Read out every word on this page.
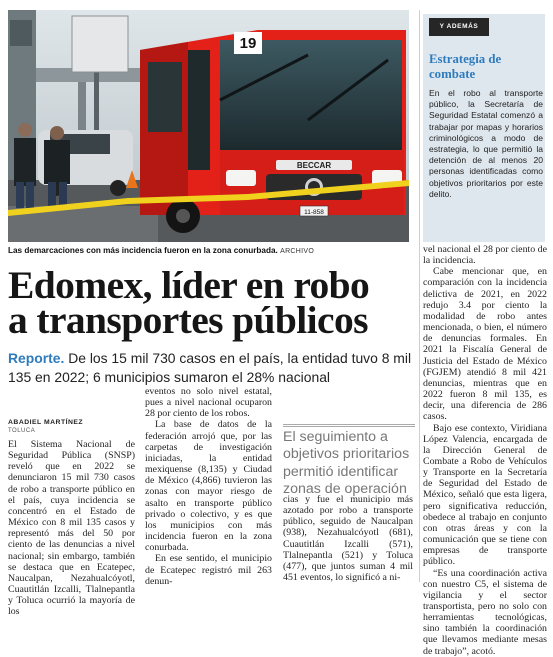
19
BECCAR
11-858
Las demarcaciones con más incidencia fueron en la zona conurbada. ARCHIVO
Edomex, líder en robo
a transportes públicos
Reporte. De los 15 mil 730 casos en el país, la entidad tuvo 8 mil 135 en 2022; 6 municipios sumaron el 28% nacional
ABADIEL MARTÍNEZ
TOLUCA

El Sistema Nacional de Seguridad Pública (SNSP) reveló que en 2022 se denunciaron 15 mil 730 casos de robo a transporte público en el país, cuya incidencia se concentró en el Estado de México con 8 mil 135 casos y representó más del 50 por ciento de las denuncias a nivel nacional; sin embargo, también se destaca que en Ecatepec, Naucalpan, Nezahualcóyotl, Cuautitlán Izcalli, Tlalnepantla y Toluca ocurrió la mayoría de los

eventos no solo nivel estatal, pues a nivel nacional ocuparon 28 por ciento de los robos.

La base de datos de la federación arrojó que, por las carpetas de investigación iniciadas, la entidad mexiquense (8,135) y Ciudad de México (4,866) tuvieron las zonas con mayor riesgo de asalto en transporte público privado o colectivo, y es que los municipios con más incidencia fueron en la zona conurbada.

En ese sentido, el municipio de Ecatepec registró mil 263 denun-

El seguimiento a objetivos prioritarios permitió identificar zonas de operación

cias y fue el municipio más azotado por robo a transporte público, seguido de Naucalpan (938), Nezahualcóyotl (681), Cuautitlán Izcalli (571), Tlalnepantla (521) y Toluca (477), que juntos suman 4 mil 451 eventos, lo significó a ni-

vel nacional el 28 por ciento de la incidencia.

Cabe mencionar que, en comparación con la incidencia delictiva de 2021, en 2022 redujo 3.4 por ciento la modalidad de robo antes mencionada, o bien, el número de denuncias formales. En 2021 la Fiscalía General de Justicia del Estado de México (FGJEM) atendió 8 mil 421 denuncias, mientras que en 2022 fueron 8 mil 135, es decir, una diferencia de 286 casos.

Bajo ese contexto, Viridiana López Valencia, encargada de la Dirección General de Combate a Robo de Vehículos y Transporte en la Secretaría de Seguridad del Estado de México, señaló que esta ligera, pero significativa reducción, obedece al trabajo en conjunto con otras áreas y con la comunicación que se tiene con empresas de transporte público.

“Es una coordinación activa con nuestro C5, el sistema de vigilancia y el sector transportista, pero no solo con herramientas tecnológicas, sino también la coordinación que llevamos mediante mesas de trabajo”, acotó.

Y ADEMÁS
Estrategia de combate
En el robo al transporte público, la Secretaría de Seguridad Estatal comenzó a trabajar por mapas y horarios criminológicos a modo de estrategia, lo que permitió la detención de al menos 20 personas identificadas como objetivos prioritarios por este delito.
